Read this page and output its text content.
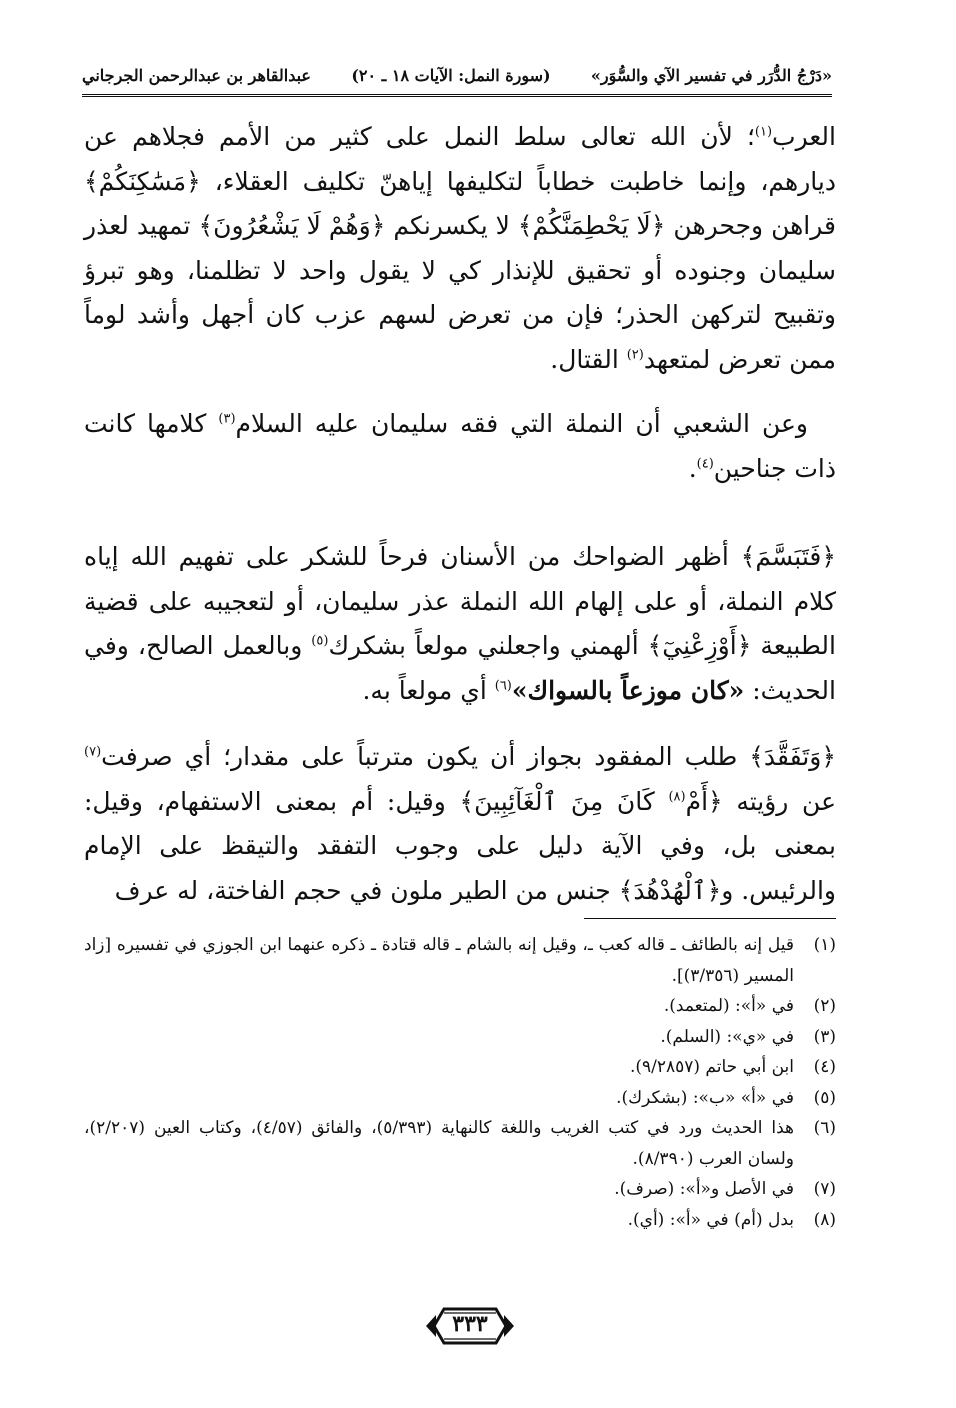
«دَرْجُ الدُّرَر في تفسير الآي والسُّوَر»
(سورة النمل: الآيات ١٨ ـ ٢٠)
عبدالقاهر بن عبدالرحمن الجرجاني

العرب$^{(١)}$؛ لأن الله تعالى سلط النمل على كثير من الأمم فجلاهم عن ديارهم، وإنما خاطبت خطاباً لتكليفها إياهنّ تكليف العقلاء، ﴿مَسَٰكِنَكُمْ﴾ قراهن وجحرهن ﴿لَا يَحْطِمَنَّكُمْ﴾ لا يكسرنكم ﴿وَهُمْ لَا يَشْعُرُونَ﴾ تمهيد لعذر سليمان وجنوده أو تحقيق للإنذار كي لا يقول واحد لا تظلمنا، وهو تبرؤ وتقبيح لتركهن الحذر؛ فإن من تعرض لسهم عزب كان أجهل وأشد لوماً ممن تعرض لمتعهد$^{(٢)}$ القتال.

وعن الشعبي أن النملة التي فقه سليمان عليه السلام$^{(٣)}$ كلامها كانت ذات جناحين$^{(٤)}$.

﴿فَتَبَسَّمَ﴾ أظهر الضواحك من الأسنان فرحاً للشكر على تفهيم الله إياه كلام النملة، أو على إلهام الله النملة عذر سليمان، أو لتعجيبه على قضية الطبيعة ﴿أَوْزِعْنِيٓ﴾ ألهمني واجعلني مولعاً بشكرك$^{(٥)}$ وبالعمل الصالح، وفي الحديث: «كان موزعاً بالسواك»$^{(٦)}$ أي مولعاً به.

﴿وَتَفَقَّدَ﴾ طلب المفقود بجواز أن يكون مترتباً على مقدار؛ أي صرفت$^{(٧)}$ عن رؤيته ﴿أَمْ$^{(٨)}$ كَانَ مِنَ ٱلْغَآئِبِينَ﴾ وقيل: أم بمعنى الاستفهام، وقيل: بمعنى بل، وفي الآية دليل على وجوب التفقد والتيقظ على الإمام والرئيس. و﴿ٱلْهُدْهُدَ﴾ جنس من الطير ملون في حجم الفاختة، له عرف

(١)
قيل إنه بالطائف ـ قاله كعب ـ، وقيل إنه بالشام ـ قاله قتادة ـ ذكره عنهما ابن الجوزي في تفسيره [زاد المسير (٣/٣٥٦)].
(٢)
في «أ»: (لمتعمد).
(٣)
في «ي»: (السلم).
(٤)
ابن أبي حاتم (٩/٢٨٥٧).
(٥)
في «أ» «ب»: (بشكرك).
(٦)
هذا الحديث ورد في كتب الغريب واللغة كالنهاية (٥/٣٩٣)، والفائق (٤/٥٧)، وكتاب العين (٢/٢٠٧)، ولسان العرب (٨/٣٩٠).
(٧)
في الأصل و«أ»: (صرف).
(٨)
بدل (أم) في «أ»: (أي).
٣٣٣
